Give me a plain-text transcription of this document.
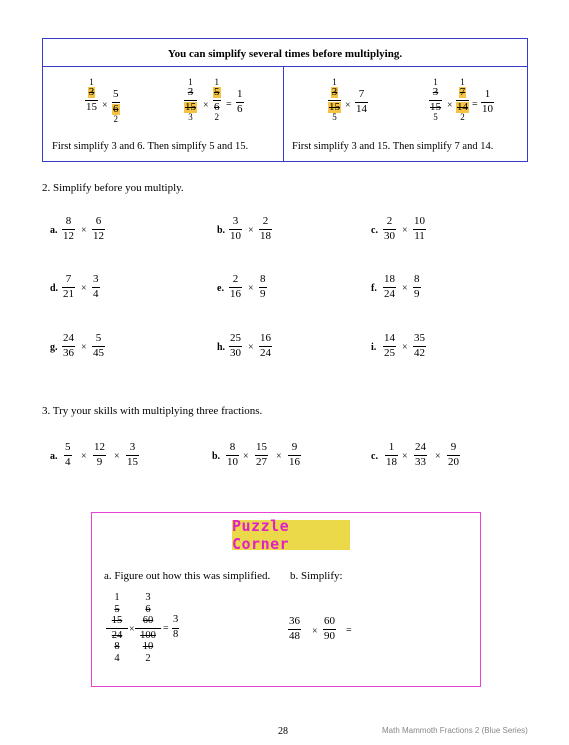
You can simplify several times before multiplying.
1
3
15 ×
5
6
2
1
3
15
3
×
1
5
6
2
=
1
6
First simplify 3 and 6. Then simplify 5 and 15.
1
3
15
5
×
7
14
1
3
15
5
×
1
7
14
2
=
1
10
First simplify 3 and 15. Then simplify 7 and 14.
2. Simplify before you multiply.
a.
8
12 ×
6
12	b.
3
10 ×
2
18	c.
2
30 ×
10
11
d.
7
21 ×
3
4	e.
2
16 ×
8
9	f.
18
24 ×
8
9
g.
24
36 ×
5
45	h.
25
30 ×
16
24	i.
14
25 ×
35
42
3. Try your skills with multiplying three fractions.
a.
5
4 ×
12
9 ×
3
15	b.
8
10 ×
15
27 ×
9
16	c.
1
18 ×
24
33 ×
9
20
Puzzle Corner
a. Figure out how this was simplified. b. Simplify:
1
5
15
24
8
4
×
3
6
60
100
10
2
=
3
8
36
48 ×
60
90 =
28	Math Mammoth Fractions 2 (Blue Series)
